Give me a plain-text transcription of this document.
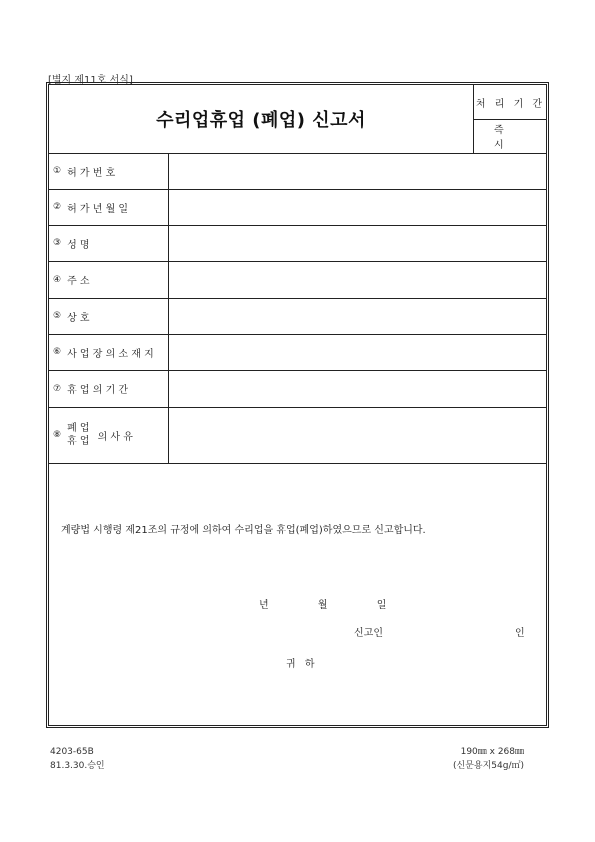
[별지 제11호 서식]
수리업휴업 (폐업) 신고서
처 리 기 간
즉 시
① 허 가 번 호
② 허 가 년 월 일
③ 성 명
④ 주 소
⑤ 상 호
⑥ 사 업 장 의 소 재 지
⑦ 휴 업 의 기 간
⑧
폐 업
휴 업 의 사 유
계량법 시행령 제21조의 규정에 의하여 수리업을 휴업(폐업)하였으므로 신고합니다.
년	월	일
신고인	인
귀 하
4203-65B
81.3.30.승인
190㎜ x 268㎜
(신문용지54g/㎡)
